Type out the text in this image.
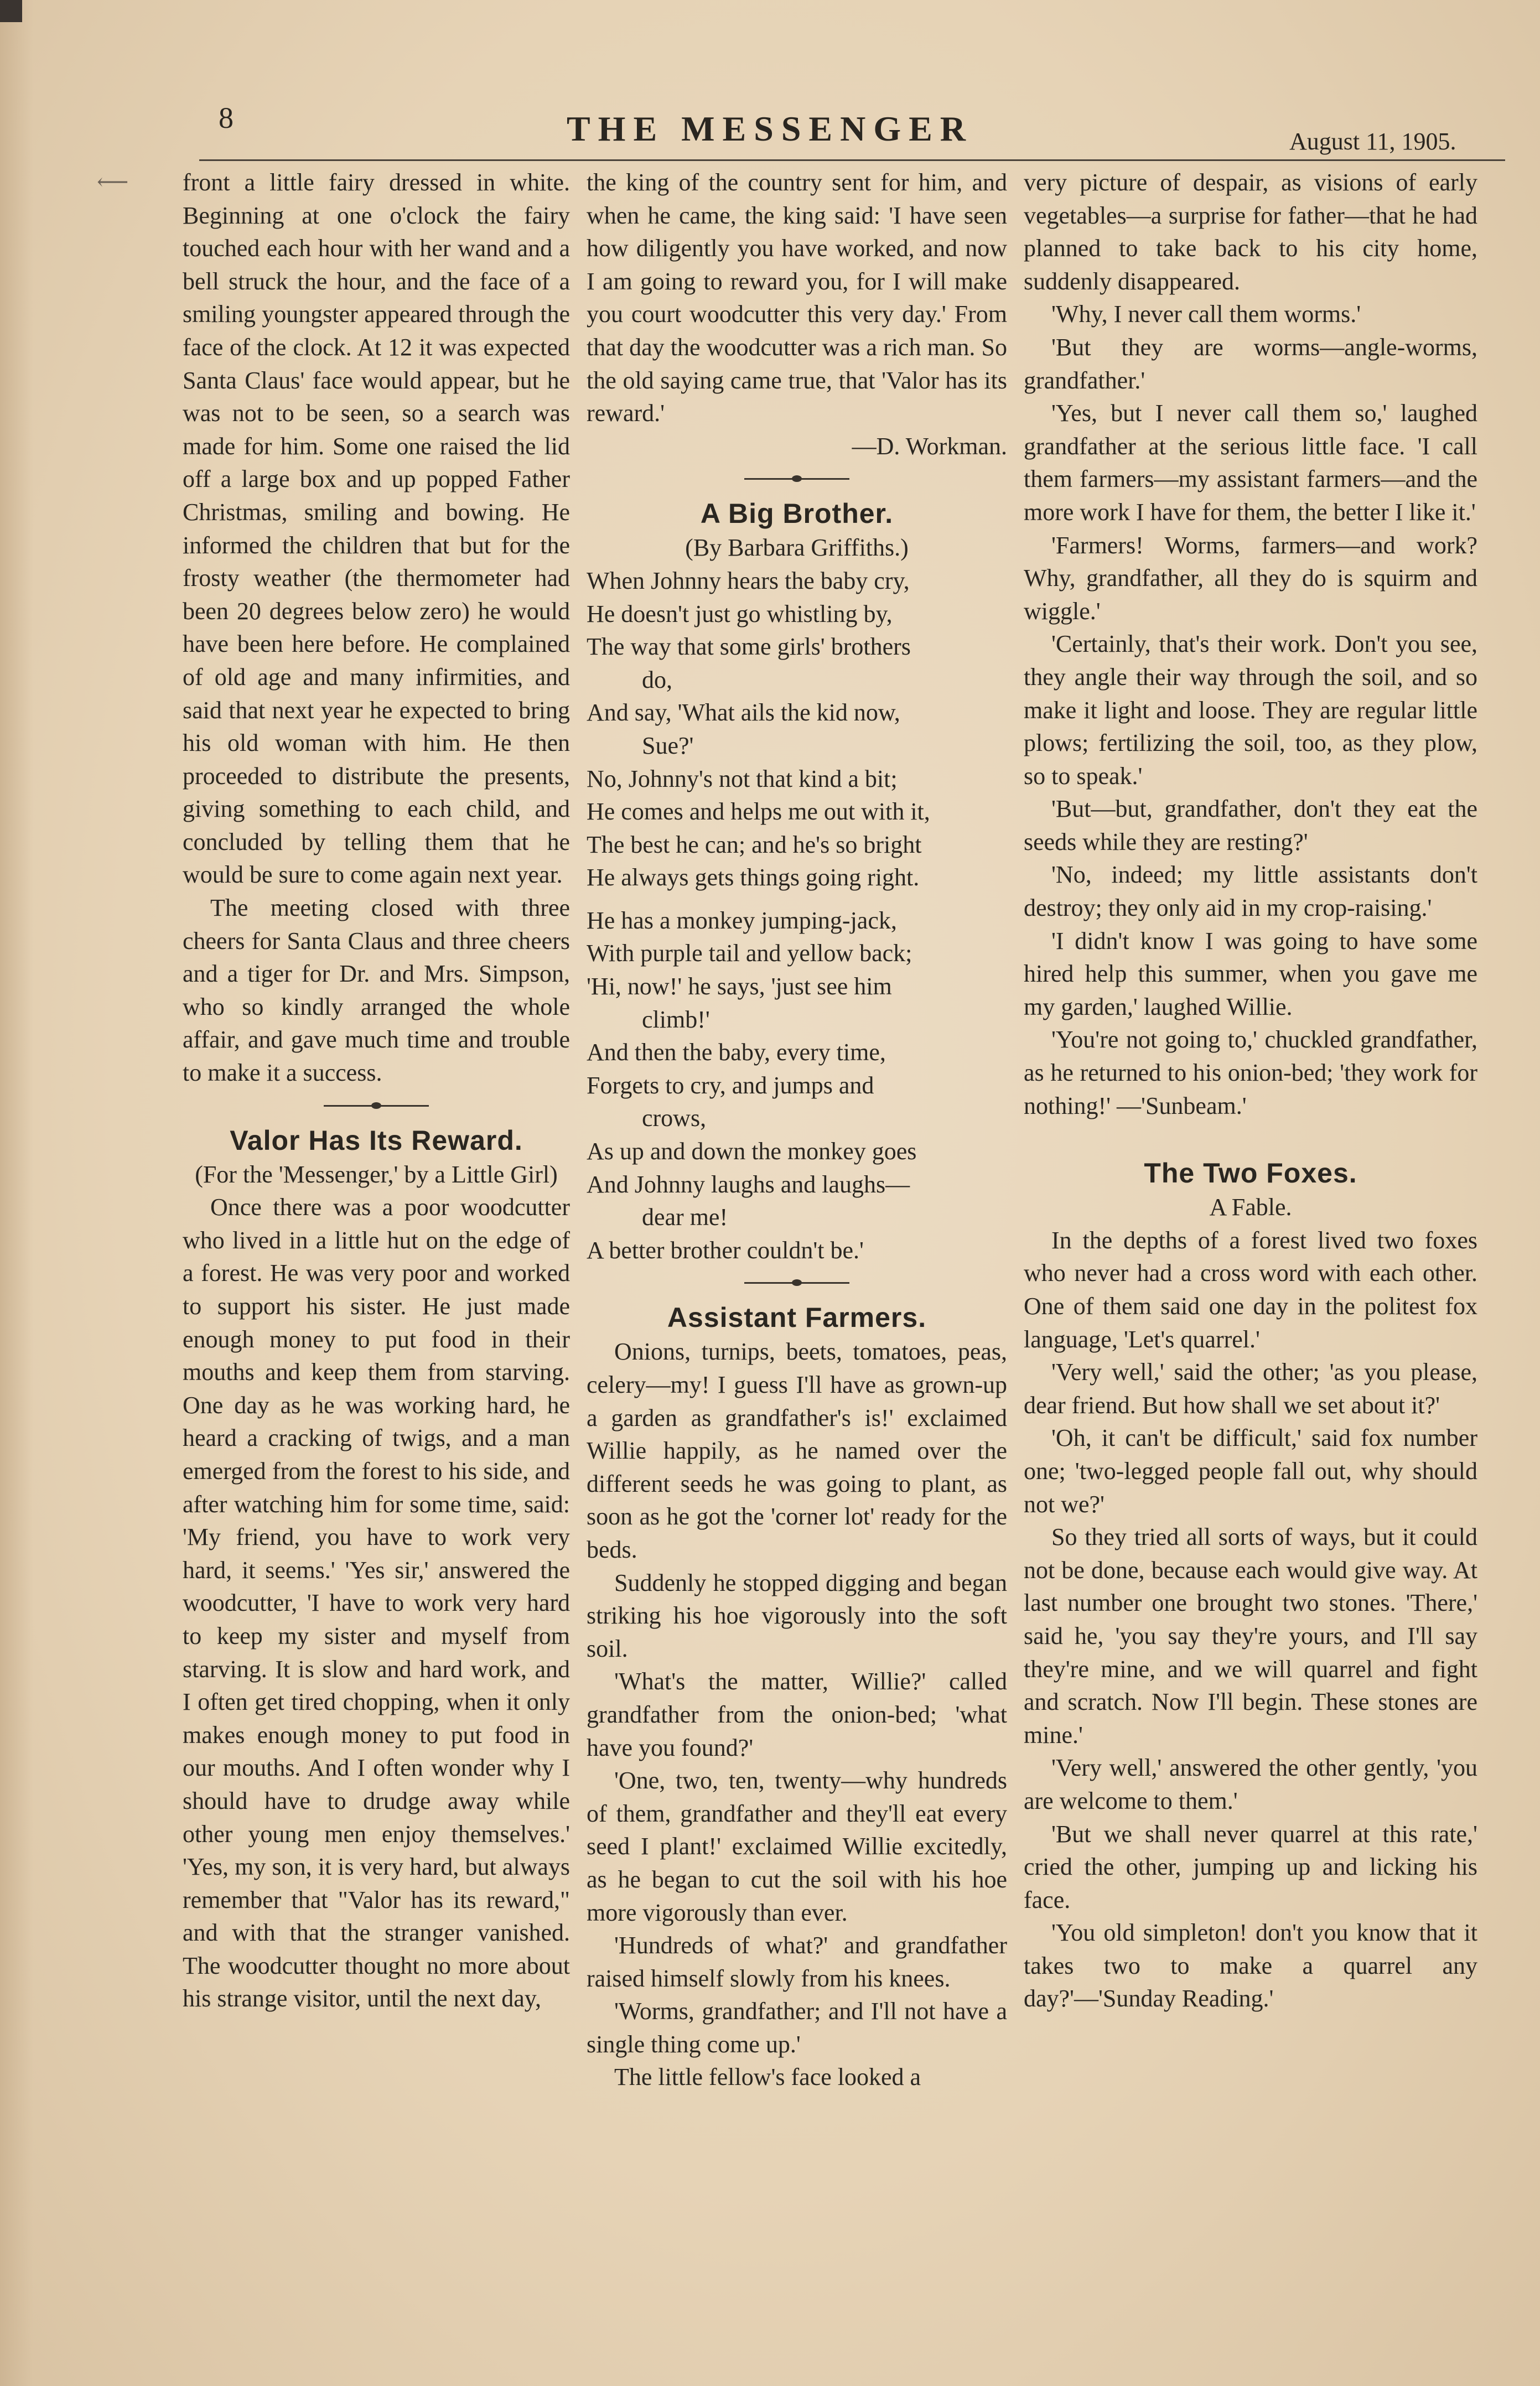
⟵
8	THE MESSENGER	August 11, 1905.

front a little fairy dressed in white. Beginning at one o'clock the fairy touched each hour with her wand and a bell struck the hour, and the face of a smiling youngster appeared through the face of the clock. At 12 it was expected Santa Claus' face would appear, but he was not to be seen, so a search was made for him. Some one raised the lid off a large box and up popped Father Christmas, smiling and bowing. He informed the children that but for the frosty weather (the thermometer had been 20 degrees below zero) he would have been here before. He complained of old age and many infirmities, and said that next year he expected to bring his old woman with him. He then proceeded to distribute the presents, giving something to each child, and concluded by telling them that he would be sure to come again next year.

The meeting closed with three cheers for Santa Claus and three cheers and a tiger for Dr. and Mrs. Simpson, who so kindly arranged the whole affair, and gave much time and trouble to make it a success.

Valor Has Its Reward.

(For the 'Messenger,' by a Little Girl)

Once there was a poor woodcutter who lived in a little hut on the edge of a forest. He was very poor and worked to support his sister. He just made enough money to put food in their mouths and keep them from starving. One day as he was working hard, he heard a cracking of twigs, and a man emerged from the forest to his side, and after watching him for some time, said: 'My friend, you have to work very hard, it seems.' 'Yes sir,' answered the woodcutter, 'I have to work very hard to keep my sister and myself from starving. It is slow and hard work, and I often get tired chopping, when it only makes enough money to put food in our mouths. And I often wonder why I should have to drudge away while other young men enjoy themselves.' 'Yes, my son, it is very hard, but always remember that "Valor has its reward," and with that the stranger vanished. The woodcutter thought no more about his strange visitor, until the next day,

the king of the country sent for him, and when he came, the king said: 'I have seen how diligently you have worked, and now I am going to reward you, for I will make you court woodcutter this very day.' From that day the woodcutter was a rich man. So the old saying came true, that 'Valor has its reward.'

—D. Workman.

A Big Brother.

(By Barbara Griffiths.)

When Johnny hears the baby cry,
He doesn't just go whistling by,
The way that some girls' brothers
do,
And say, 'What ails the kid now,
Sue?'
No, Johnny's not that kind a bit;
He comes and helps me out with it,
The best he can; and he's so bright
He always gets things going right.
He has a monkey jumping-jack,
With purple tail and yellow back;
'Hi, now!' he says, 'just see him
climb!'
And then the baby, every time,
Forgets to cry, and jumps and
crows,
As up and down the monkey goes
And Johnny laughs and laughs—
dear me!
A better brother couldn't be.'
Assistant Farmers.

Onions, turnips, beets, tomatoes, peas, celery—my! I guess I'll have as grown-up a garden as grandfather's is!' exclaimed Willie happily, as he named over the different seeds he was going to plant, as soon as he got the 'corner lot' ready for the beds.

Suddenly he stopped digging and began striking his hoe vigorously into the soft soil.

'What's the matter, Willie?' called grandfather from the onion-bed; 'what have you found?'

'One, two, ten, twenty—why hundreds of them, grandfather and they'll eat every seed I plant!' exclaimed Willie excitedly, as he began to cut the soil with his hoe more vigorously than ever.

'Hundreds of what?' and grandfather raised himself slowly from his knees.

'Worms, grandfather; and I'll not have a single thing come up.'

The little fellow's face looked a

very picture of despair, as visions of early vegetables—a surprise for father—that he had planned to take back to his city home, suddenly disappeared.

'Why, I never call them worms.'

'But they are worms—angle-worms, grandfather.'

'Yes, but I never call them so,' laughed grandfather at the serious little face. 'I call them farmers—my assistant farmers—and the more work I have for them, the better I like it.'

'Farmers! Worms, farmers—and work? Why, grandfather, all they do is squirm and wiggle.'

'Certainly, that's their work. Don't you see, they angle their way through the soil, and so make it light and loose. They are regular little plows; fertilizing the soil, too, as they plow, so to speak.'

'But—but, grandfather, don't they eat the seeds while they are resting?'

'No, indeed; my little assistants don't destroy; they only aid in my crop-raising.'

'I didn't know I was going to have some hired help this summer, when you gave me my garden,' laughed Willie.

'You're not going to,' chuckled grandfather, as he returned to his onion-bed; 'they work for nothing!' —'Sunbeam.'

The Two Foxes.

A Fable.

In the depths of a forest lived two foxes who never had a cross word with each other. One of them said one day in the politest fox language, 'Let's quarrel.'

'Very well,' said the other; 'as you please, dear friend. But how shall we set about it?'

'Oh, it can't be difficult,' said fox number one; 'two-legged people fall out, why should not we?'

So they tried all sorts of ways, but it could not be done, because each would give way. At last number one brought two stones. 'There,' said he, 'you say they're yours, and I'll say they're mine, and we will quarrel and fight and scratch. Now I'll begin. These stones are mine.'

'Very well,' answered the other gently, 'you are welcome to them.'

'But we shall never quarrel at this rate,' cried the other, jumping up and licking his face.

'You old simpleton! don't you know that it takes two to make a quarrel any day?'—'Sunday Reading.'
